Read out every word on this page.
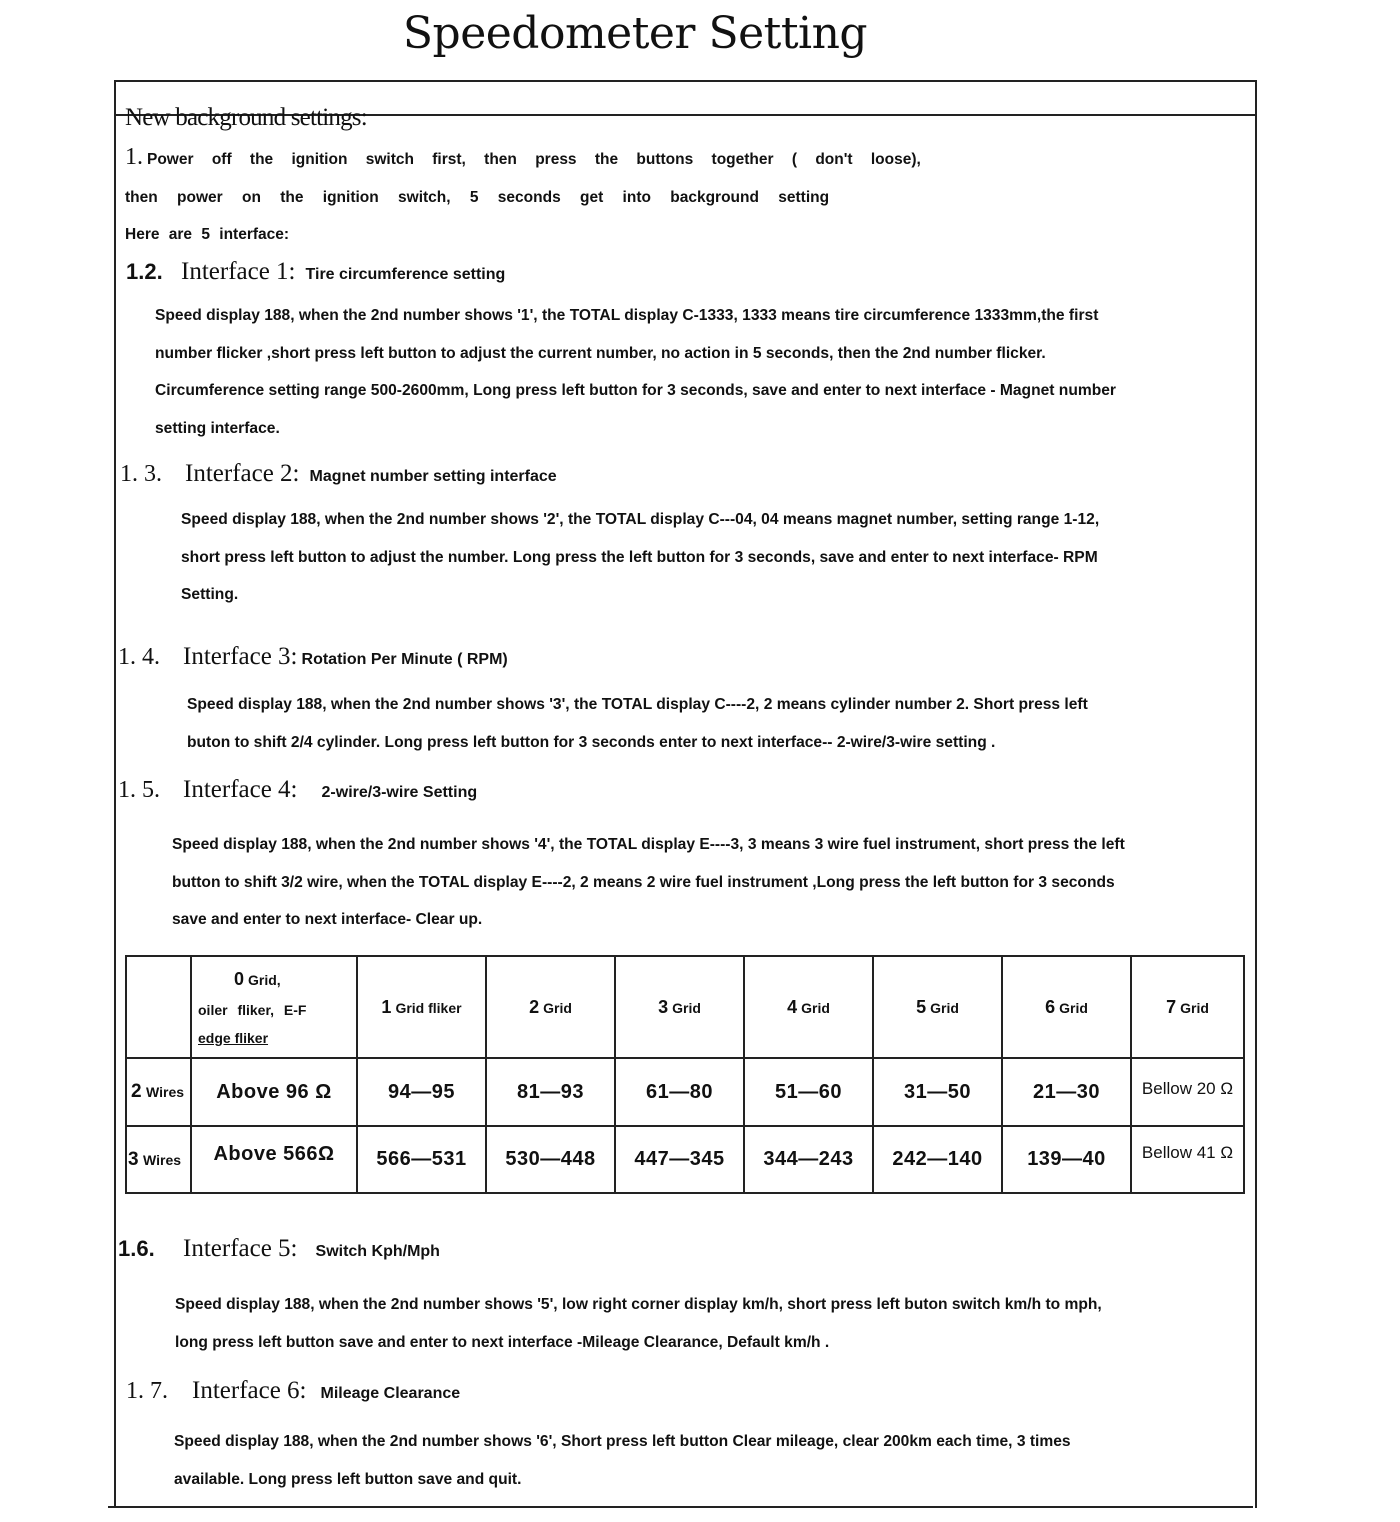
Speedometer Setting
New background settings:
1. Power off the ignition switch first, then press the buttons together ( don't loose),
then power on the ignition switch, 5 seconds get into background setting
Here are 5 interface:
1.2. Interface 1: Tire circumference setting
Speed display 188, when the 2nd number shows '1', the TOTAL display C-1333, 1333 means tire circumference 1333mm,the first
number flicker ,short press left button to adjust the current number, no action in 5 seconds, then the 2nd number flicker.
Circumference setting range 500-2600mm, Long press left button for 3 seconds, save and enter to next interface - Magnet number
setting interface.
1. 3. Interface 2: Magnet number setting interface
Speed display 188, when the 2nd number shows '2', the TOTAL display C---04, 04 means magnet number, setting range 1-12,
short press left button to adjust the number. Long press the left button for 3 seconds, save and enter to next interface- RPM
Setting.
1. 4. Interface 3: Rotation Per Minute ( RPM)
Speed display 188, when the 2nd number shows '3', the TOTAL display C----2, 2 means cylinder number 2. Short press left
buton to shift 2/4 cylinder. Long press left button for 3 seconds enter to next interface-- 2-wire/3-wire setting .
1. 5. Interface 4: 2-wire/3-wire Setting
Speed display 188, when the 2nd number shows '4', the TOTAL display E----3, 3 means 3 wire fuel instrument, short press the left
button to shift 3/2 wire, when the TOTAL display E----2, 2 means 2 wire fuel instrument ,Long press the left button for 3 seconds
save and enter to next interface- Clear up.

	0 Grid,
oiler fliker, E-F
edge fliker	1 Grid fliker	2 Grid	3 Grid	4 Grid	5 Grid	6 Grid	7 Grid
2 Wires	Above 96 Ω	94—95	81—93	61—80	51—60	31—50	21—30	Bellow 20 Ω
3 Wires	Above 566Ω	566—531	530—448	447—345	344—243	242—140	139—40	Bellow 41 Ω
1.6. Interface 5: Switch Kph/Mph
Speed display 188, when the 2nd number shows '5', low right corner display km/h, short press left buton switch km/h to mph,
long press left button save and enter to next interface -Mileage Clearance, Default km/h .
1. 7. Interface 6: Mileage Clearance
Speed display 188, when the 2nd number shows '6', Short press left button Clear mileage, clear 200km each time, 3 times
available. Long press left button save and quit.
